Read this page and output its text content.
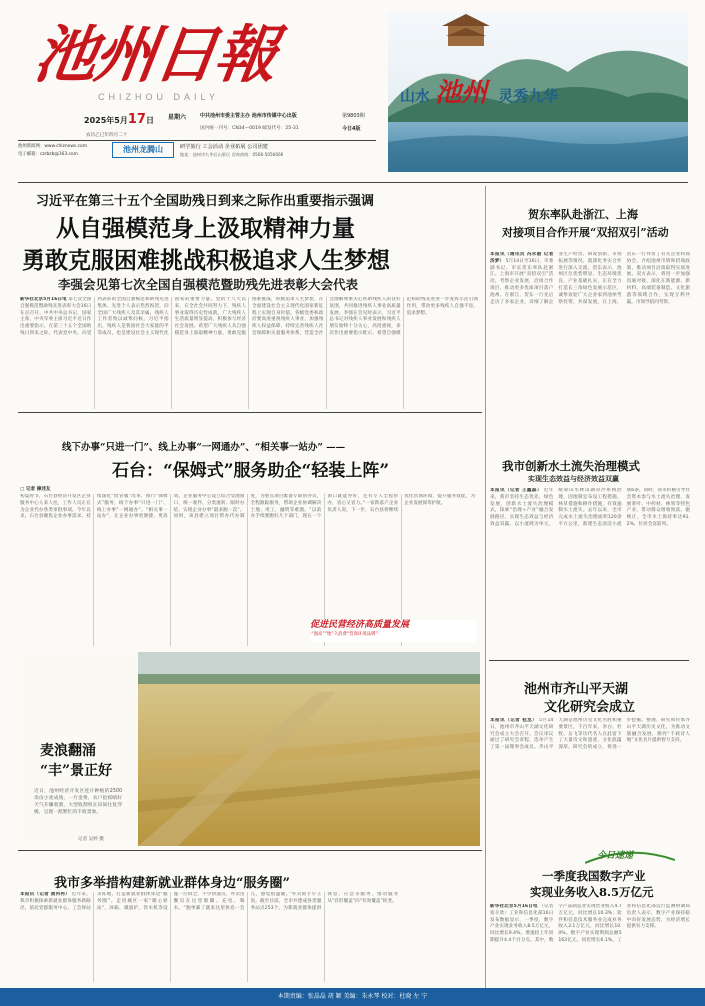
池州日報
CHIZHOU DAILY
2025年5月17日	星期六
农历乙巳年四月二十
中共池州市委主管主办 池州市传媒中心出版
国内统一刊号：CN34—0019 邮发代号：25-31
第9803期
今日4版
池州新闻网：www.chiznews.com
电子邮箱：czrbzb@163.com
池州龙腾山	研学旅行 工会活动 企业拓展 公司团建
地址：池州市九华后山景区 咨询热线：0566-5056666
山水 池州 灵秀九华
习近平在第三十五个全国助残日到来之际作出重要指示强调
从自强模范身上汲取精神力量
勇敢克服困难挑战积极追求人生梦想
李强会见第七次全国自强模范暨助残先进表彰大会代表
新华社北京5月16日电 第七次全国自强模范暨助残先进表彰大会16日在京召开。中共中央总书记、国家主席、中央军委主席习近平近日作出重要指示，在第三十五个全国助残日到来之际，代表党中央，向受到表彰的全国自强模范和助残先进集体、先进个人表示热烈祝贺，向全国广大残疾人及其亲属、残疾人工作者致以诚挚问候。习近平指出，残疾人是我国社会大家庭的平等成员，也是建设社会主义现代化国家的重要力量。党的十八大以来，在全社会共同努力下，残疾人事业取得历史性成就，广大残疾人生活质量明显提高，积极参与经济社会发展。希望广大残疾人从自强模范身上汲取精神力量，勇敢克服困难挑战，积极追求人生梦想，在全面建设社会主义现代化国家新征程上实现自身价值。各级党委和政府要高度重视残疾人事业，加强残疾人权益保障，持续完善残疾人社会保障和关爱服务体系，营造全社会理解尊重关心帮助残疾人的良好氛围，共同推进残疾人事业高质量发展。李强在会见时表示，习近平总书记对残疾人事业发展和残疾人朋友始终十分关心、高度重视，多次作出重要指示批示。希望自强模范和助残先进进一步发挥示范引领作用，带动更多残疾人自强不息、追求梦想。
贺东率队赴浙江、上海
对接项目合作开展“双招双引”活动
本报讯（通讯员 冯永毅 记者 汤梦） 5月14日至16日，市委副书记、市长贺东率队赴浙江、上海市开展“双招双引”活动，考察企业发展，洽谈合作项目，推动更多优质项目落户池州。在浙江，贺东一行先后走访了多家企业，详细了解企业生产经营、研发创新、市场拓展等情况，就深化务实合作进行深入交流。贺东表示，池州区位优势明显、生态环境优良、产业基础扎实，正在全力打造长三角绿色发展示范区，诚挚欢迎广大企业家到池州考察投资、共谋发展。在上海，贺东一行拜访了有关企业和商协会，介绍池州市情和招商政策，推动项目洽谈取得实质进展。双方表示，将进一步加强沟通对接，深化在新能源、新材料、高端装备制造、文化旅游等领域合作，实现互利共赢。市领导陪同考察。
线下办事“只进一门”、线上办事“一网通办”、“相关事一站办” ——
石台：“保姆式”服务助企“轻装上阵”
□ 记者 操述友
初夏时节，石台县经济开发区企业服务中心人来人往，工作人员正在为企业代办各类审批事项。今年以来，石台县聚焦企业办事需求，持续深化“放管服”改革，推行“保姆式”服务，线下办事“只进一门”、线上办事“一网通办”、“相关事一站办”，让企业办事更便捷、更高效。企业服务中心设立综合受理窗口，统一收件、分类流转、限时办结，实现企业办事“最多跑一次”。同时，该县建立项目帮办代办制度，为重点项目配备专职帮办员，全程跟踪服务，帮助企业协调解决土地、用工、融资等难题。“以前办手续要跑好几个部门，现在一个窗口就能办好，还有专人全程帮办，省心又省力。”一家新落户企业负责人说。下一步，石台县将继续优化营商环境，提升服务效能，为企业发展保驾护航。
促进民营经济高质量发展
·“强高”“地”久消费“营商环境品牌”·
我市创新水土流失治理模式
实现生态效益与经济效益双赢
本报讯（记者 王鑫磊） 近年来，我市坚持生态优先、绿色发展，创新水土流失治理模式，探索“治理+产业”融合发展路径，实现生态效益与经济效益双赢。以小流域为单元，统筹山水林田湖草沙系统治理，因地制宜布设工程措施、林草措施和耕作措施，有效遏制水土流失。去年以来，全市完成水土流失治理面积120余平方公里，新建生态清洁小流域6条。同时，我市积极引导社会资本参与水土流失治理，发展茶叶、中药材、林果等特色产业，带动群众增收致富。据统计，全市水土保持率达91.2%，位居全省前列。
麦浪翻涌
“丰”景正好
近日，池州经济开发区连片种植的2500余亩小麦成熟，一片金黄，农户抢抓晴好天气开镰收割，大型收割机在田间往复穿梭，呈现一派繁忙的丰收景象。
记者 吴婷 摄
池州市齐山平天湖
文化研究会成立
本报讯（记者 桂丞） 5月14日，池州市齐山平天湖文化研究会成立大会召开。会议审议通过了研究会章程，选举产生了第一届理事会成员。齐山平天湖是池州历史文化名胜和重要景区，千百年来，李白、杜牧、岳飞等历代名人在此留下了大量诗文和遗迹，文化底蕴深厚。研究会的成立，将进一步挖掘、整理、研究和传承齐山平天湖历史文化，为推动文旅融合发展、擦亮“千载诗人地”文化名片提供智力支持。
今日速递
一季度我国数字产业
实现业务收入8.5万亿元
新华社北京5月16日电 （记者 张辛欣）工业和信息化部16日发布数据显示，一季度，数字产业实现业务收入8.5万亿元，同比增长9.4%，增速较上年同期提升4.4个百分点。其中，数字产品制造业实现营业收入4.7万亿元，同比增长10.3%；软件和信息技术服务业完成业务收入3.1万亿元，同比增长10.0%。数字产业实现利润总额5163亿元，同比增长6.1%。工业和信息化部运行监测协调局负责人表示，数字产业保持稳中向好发展态势，为经济增长提供有力支撑。
我市多举措构建新就业群体身边“服务圈”
本报讯（记者 黄冉冉） 近年来，我市积极探索新就业群体服务新路径，依托党群服务中心、工会驿站等阵地，打造新就业群体身边“服务圈”。走进城区一家“暖心驿站”，冰箱、微波炉、饮水机等设施一应俱全，不少快递员、外卖送餐员在这里歇脚、充电、喝水。“跑单累了就来这里休息一会儿，感觉很温暖。”外卖骑手小王说。截至目前，全市共建成各类服务站点253个，为新就业群体提供休息、应急等服务，推动服务从“有形覆盖”向“有效覆盖”转变。
本期责编：张晶晶 胡 颖 美编：朱永琴 校对：杜晓 左 宁
